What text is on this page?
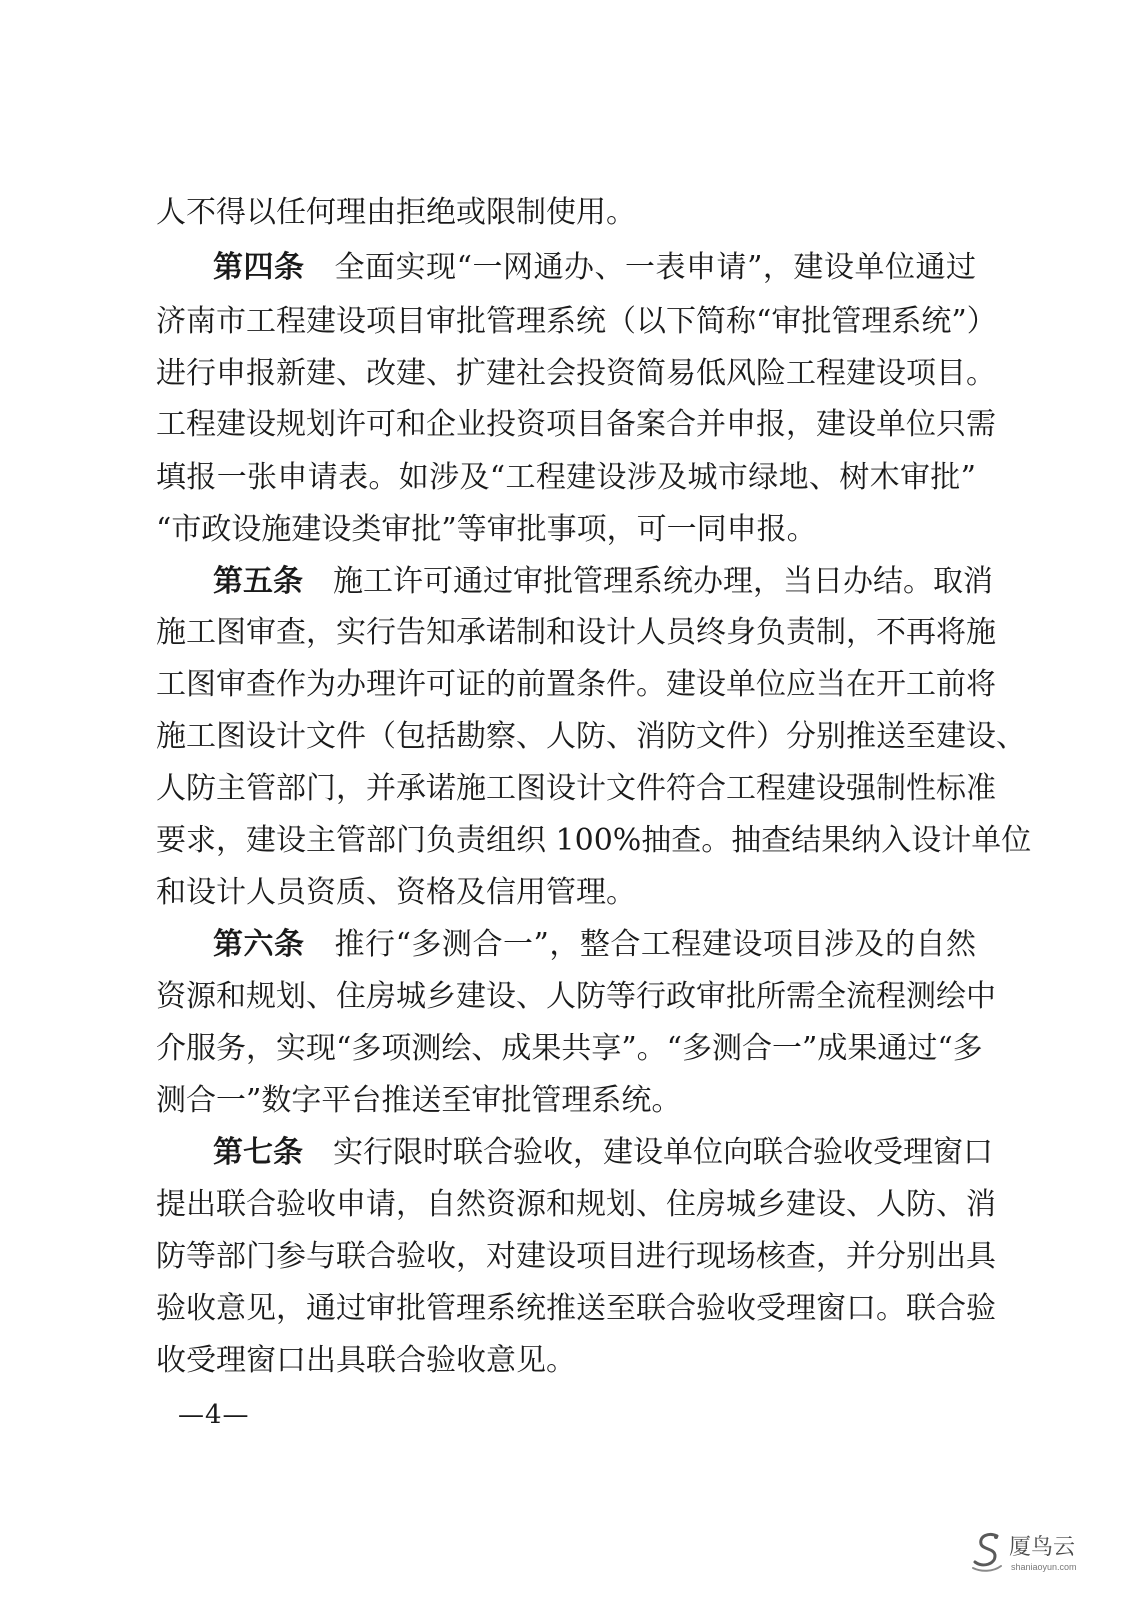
人不得以任何理由拒绝或限制使用。
第四条 全面实现“一网通办、一表申请”，建设单位通过
济南市工程建设项目审批管理系统（以下简称“审批管理系统”）
进行申报新建、改建、扩建社会投资简易低风险工程建设项目。
工程建设规划许可和企业投资项目备案合并申报，建设单位只需
填报一张申请表。如涉及“工程建设涉及城市绿地、树木审批”
“市政设施建设类审批”等审批事项，可一同申报。
第五条 施工许可通过审批管理系统办理，当日办结。取消
施工图审查，实行告知承诺制和设计人员终身负责制，不再将施
工图审查作为办理许可证的前置条件。建设单位应当在开工前将
施工图设计文件（包括勘察、人防、消防文件）分别推送至建设、
人防主管部门，并承诺施工图设计文件符合工程建设强制性标准
要求，建设主管部门负责组织 100%抽查。抽查结果纳入设计单位
和设计人员资质、资格及信用管理。
第六条 推行“多测合一”，整合工程建设项目涉及的自然
资源和规划、住房城乡建设、人防等行政审批所需全流程测绘中
介服务，实现“多项测绘、成果共享”。“多测合一”成果通过“多
测合一”数字平台推送至审批管理系统。
第七条 实行限时联合验收，建设单位向联合验收受理窗口
提出联合验收申请，自然资源和规划、住房城乡建设、人防、消
防等部门参与联合验收，对建设项目进行现场核查，并分别出具
验收意见，通过审批管理系统推送至联合验收受理窗口。联合验
收受理窗口出具联合验收意见。
—4—
厦鸟云
shaniaoyun.com
